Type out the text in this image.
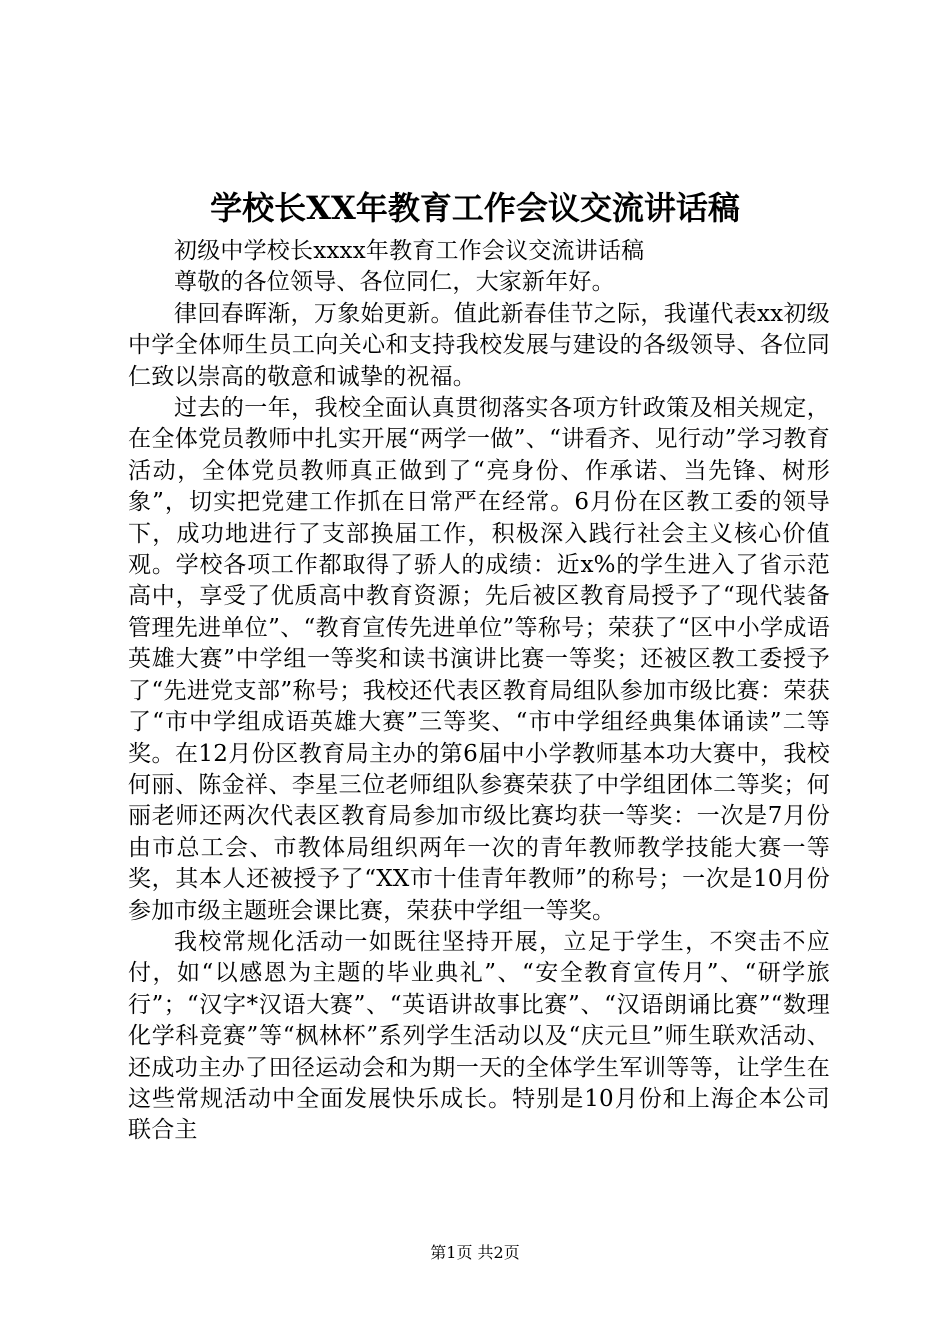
学校长XX年教育工作会议交流讲话稿

初级中学校长xxxx年教育工作会议交流讲话稿

尊敬的各位领导、各位同仁，大家新年好。

律回春晖渐，万象始更新。值此新春佳节之际，我谨代表xx初级中学全体师生员工向关心和支持我校发展与建设的各级领导、各位同仁致以崇高的敬意和诚挚的祝福。

过去的一年，我校全面认真贯彻落实各项方针政策及相关规定，在全体党员教师中扎实开展“两学一做”、“讲看齐、见行动”学习教育活动，全体党员教师真正做到了“亮身份、作承诺、当先锋、树形象”，切实把党建工作抓在日常严在经常。6月份在区教工委的领导下，成功地进行了支部换届工作，积极深入践行社会主义核心价值观。学校各项工作都取得了骄人的成绩：近x%的学生进入了省示范高中，享受了优质高中教育资源；先后被区教育局授予了“现代装备管理先进单位”、“教育宣传先进单位”等称号；荣获了“区中小学成语英雄大赛”中学组一等奖和读书演讲比赛一等奖；还被区教工委授予了“先进党支部”称号；我校还代表区教育局组队参加市级比赛：荣获了“市中学组成语英雄大赛”三等奖、“市中学组经典集体诵读”二等奖。在12月份区教育局主办的第6届中小学教师基本功大赛中，我校何丽、陈金祥、李星三位老师组队参赛荣获了中学组团体二等奖；何丽老师还两次代表区教育局参加市级比赛均获一等奖：一次是7月份由市总工会、市教体局组织两年一次的青年教师教学技能大赛一等奖，其本人还被授予了“XX市十佳青年教师”的称号；一次是10月份参加市级主题班会课比赛，荣获中学组一等奖。

我校常规化活动一如既往坚持开展，立足于学生，不突击不应付，如“以感恩为主题的毕业典礼”、“安全教育宣传月”、“研学旅行”；“汉字*汉语大赛”、“英语讲故事比赛”、“汉语朗诵比赛”“数理化学科竞赛”等“枫林杯”系列学生活动以及“庆元旦”师生联欢活动、还成功主办了田径运动会和为期一天的全体学生军训等等，让学生在这些常规活动中全面发展快乐成长。特别是10月份和上海企本公司联合主

第1页 共2页
